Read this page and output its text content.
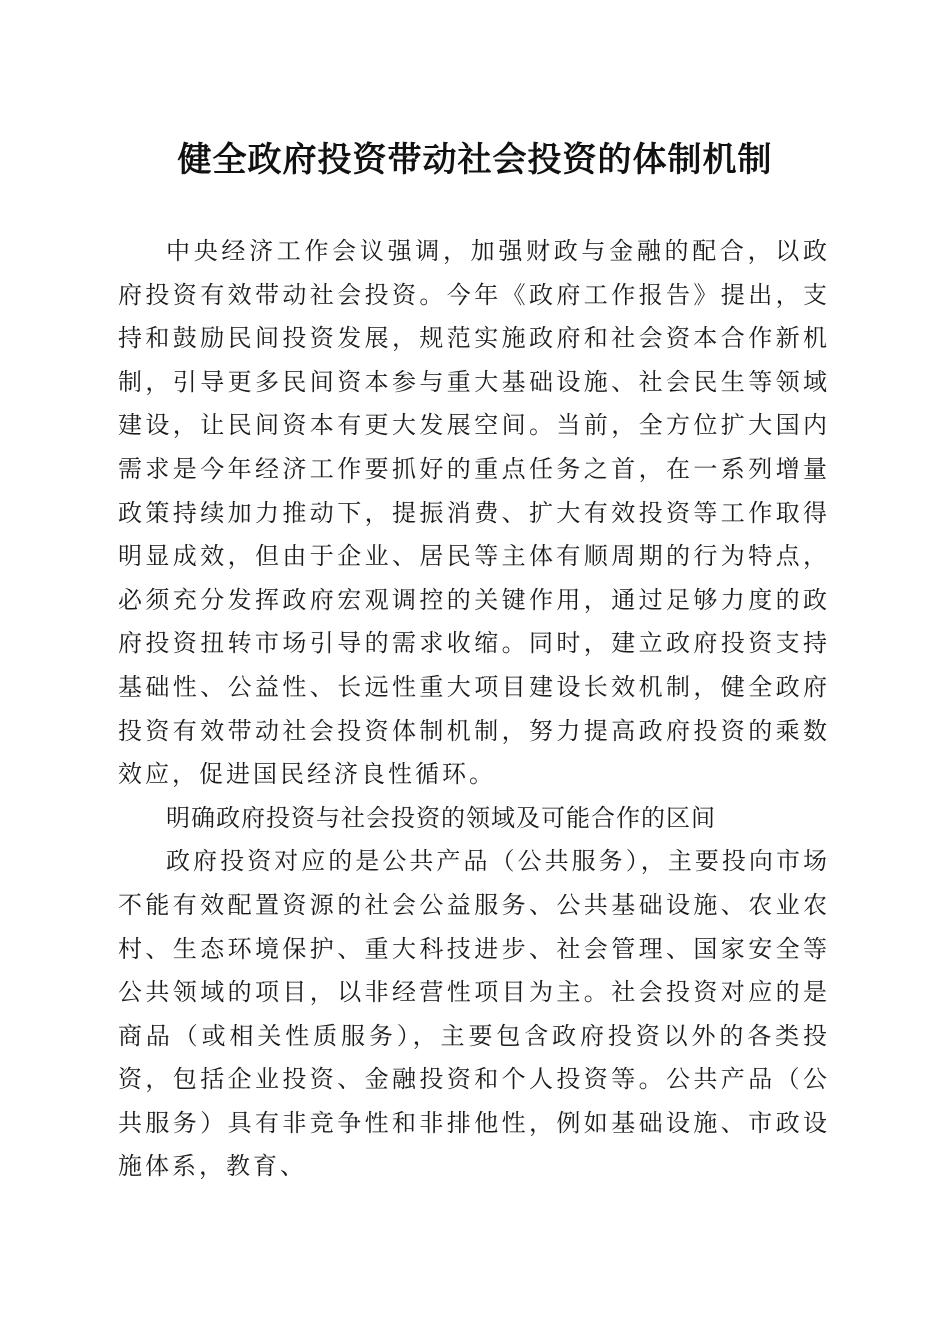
健全政府投资带动社会投资的体制机制

中央经济工作会议强调，加强财政与金融的配合，以政府投资有效带动社会投资。今年《政府工作报告》提出，支持和鼓励民间投资发展，规范实施政府和社会资本合作新机制，引导更多民间资本参与重大基础设施、社会民生等领域建设，让民间资本有更大发展空间。当前，全方位扩大国内需求是今年经济工作要抓好的重点任务之首，在一系列增量政策持续加力推动下，提振消费、扩大有效投资等工作取得明显成效，但由于企业、居民等主体有顺周期的行为特点，必须充分发挥政府宏观调控的关键作用，通过足够力度的政府投资扭转市场引导的需求收缩。同时，建立政府投资支持基础性、公益性、长远性重大项目建设长效机制，健全政府投资有效带动社会投资体制机制，努力提高政府投资的乘数效应，促进国民经济良性循环。

明确政府投资与社会投资的领域及可能合作的区间

政府投资对应的是公共产品（公共服务），主要投向市场不能有效配置资源的社会公益服务、公共基础设施、农业农村、生态环境保护、重大科技进步、社会管理、国家安全等公共领域的项目，以非经营性项目为主。社会投资对应的是商品（或相关性质服务），主要包含政府投资以外的各类投资，包括企业投资、金融投资和个人投资等。公共产品（公共服务）具有非竞争性和非排他性，例如基础设施、市政设施体系，教育、
